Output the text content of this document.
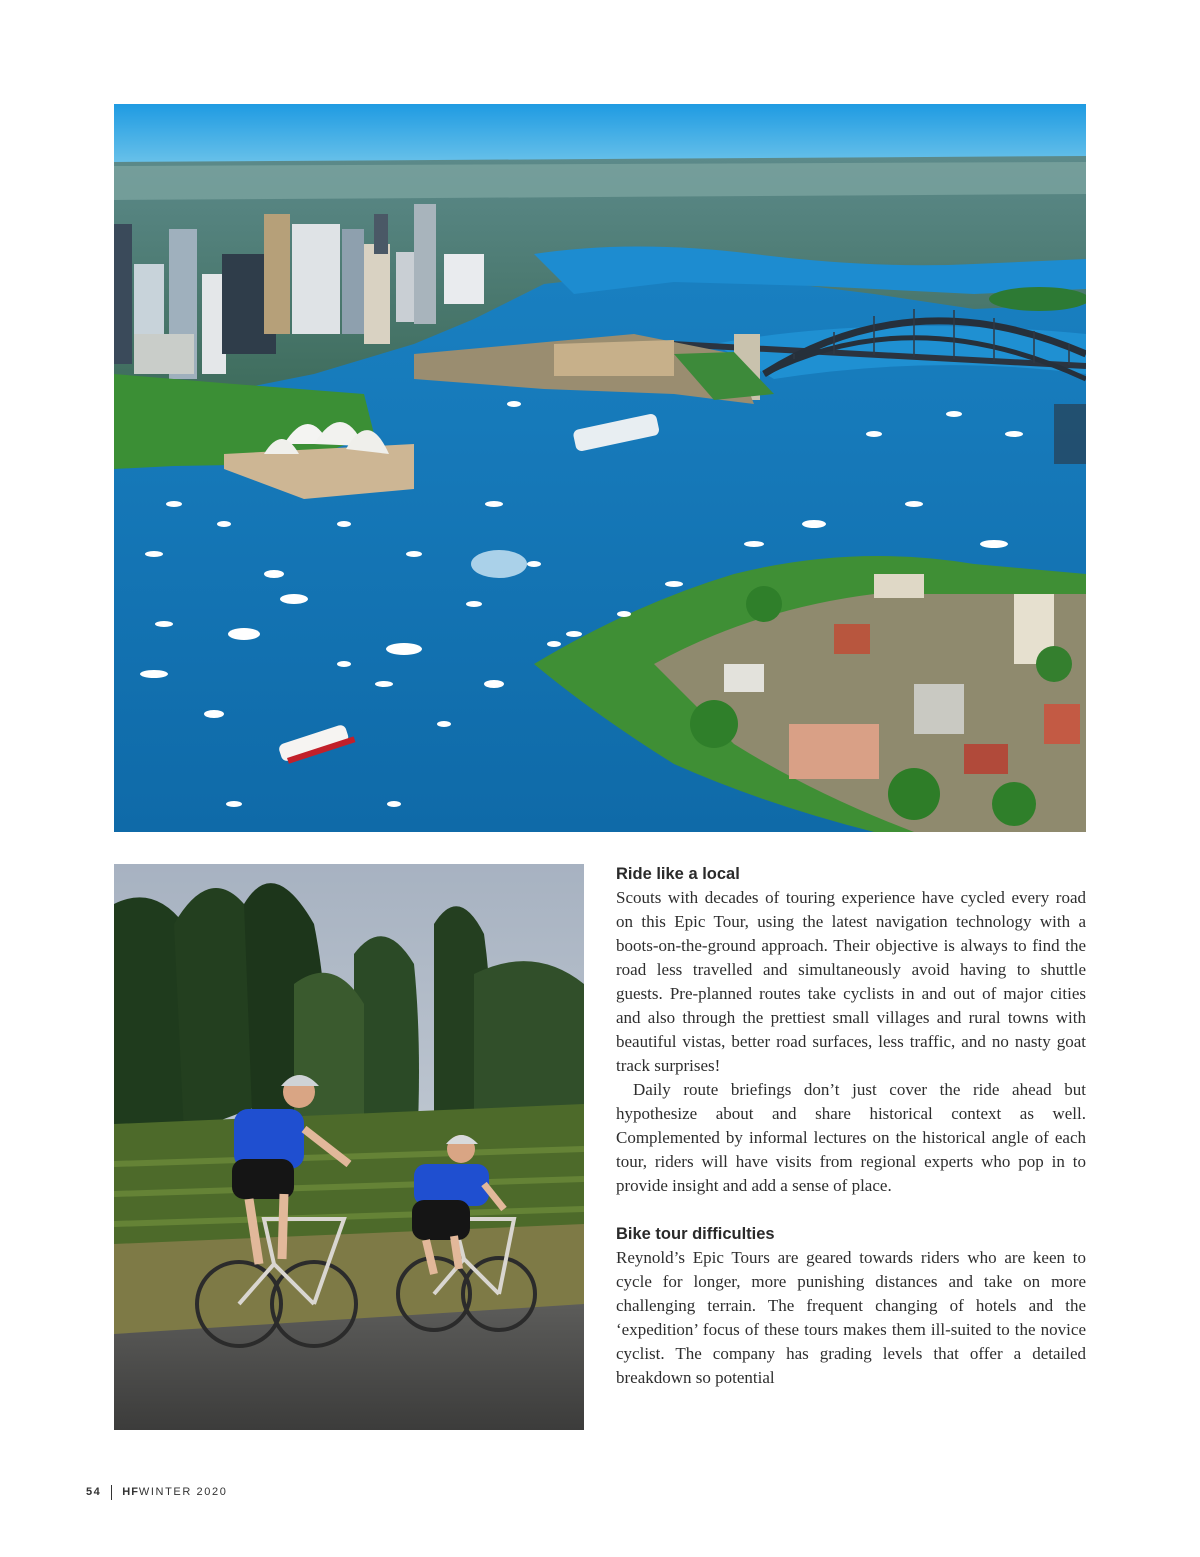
Ride like a local

Scouts with decades of touring experience have cycled every road on this Epic Tour, using the latest navigation technology with a boots-on-the-ground approach. Their objective is always to find the road less travelled and simultaneously avoid having to shuttle guests. Pre-planned routes take cyclists in and out of major cities and also through the prettiest small villages and rural towns with beautiful vistas, better road surfaces, less traffic, and no nasty goat track surprises!

Daily route briefings don’t just cover the ride ahead but hypothesize about and share historical context as well. Complemented by informal lectures on the historical angle of each tour, riders will have visits from regional experts who pop in to provide insight and add a sense of place.

Bike tour difficulties

Reynold’s Epic Tours are geared towards riders who are keen to cycle for longer, more punishing distances and take on more challenging terrain. The frequent changing of hotels and the ‘expedition’ focus of these tours makes them ill-suited to the novice cyclist. The company has grading levels that offer a detailed breakdown so potential

54 HF WINTER 2020
